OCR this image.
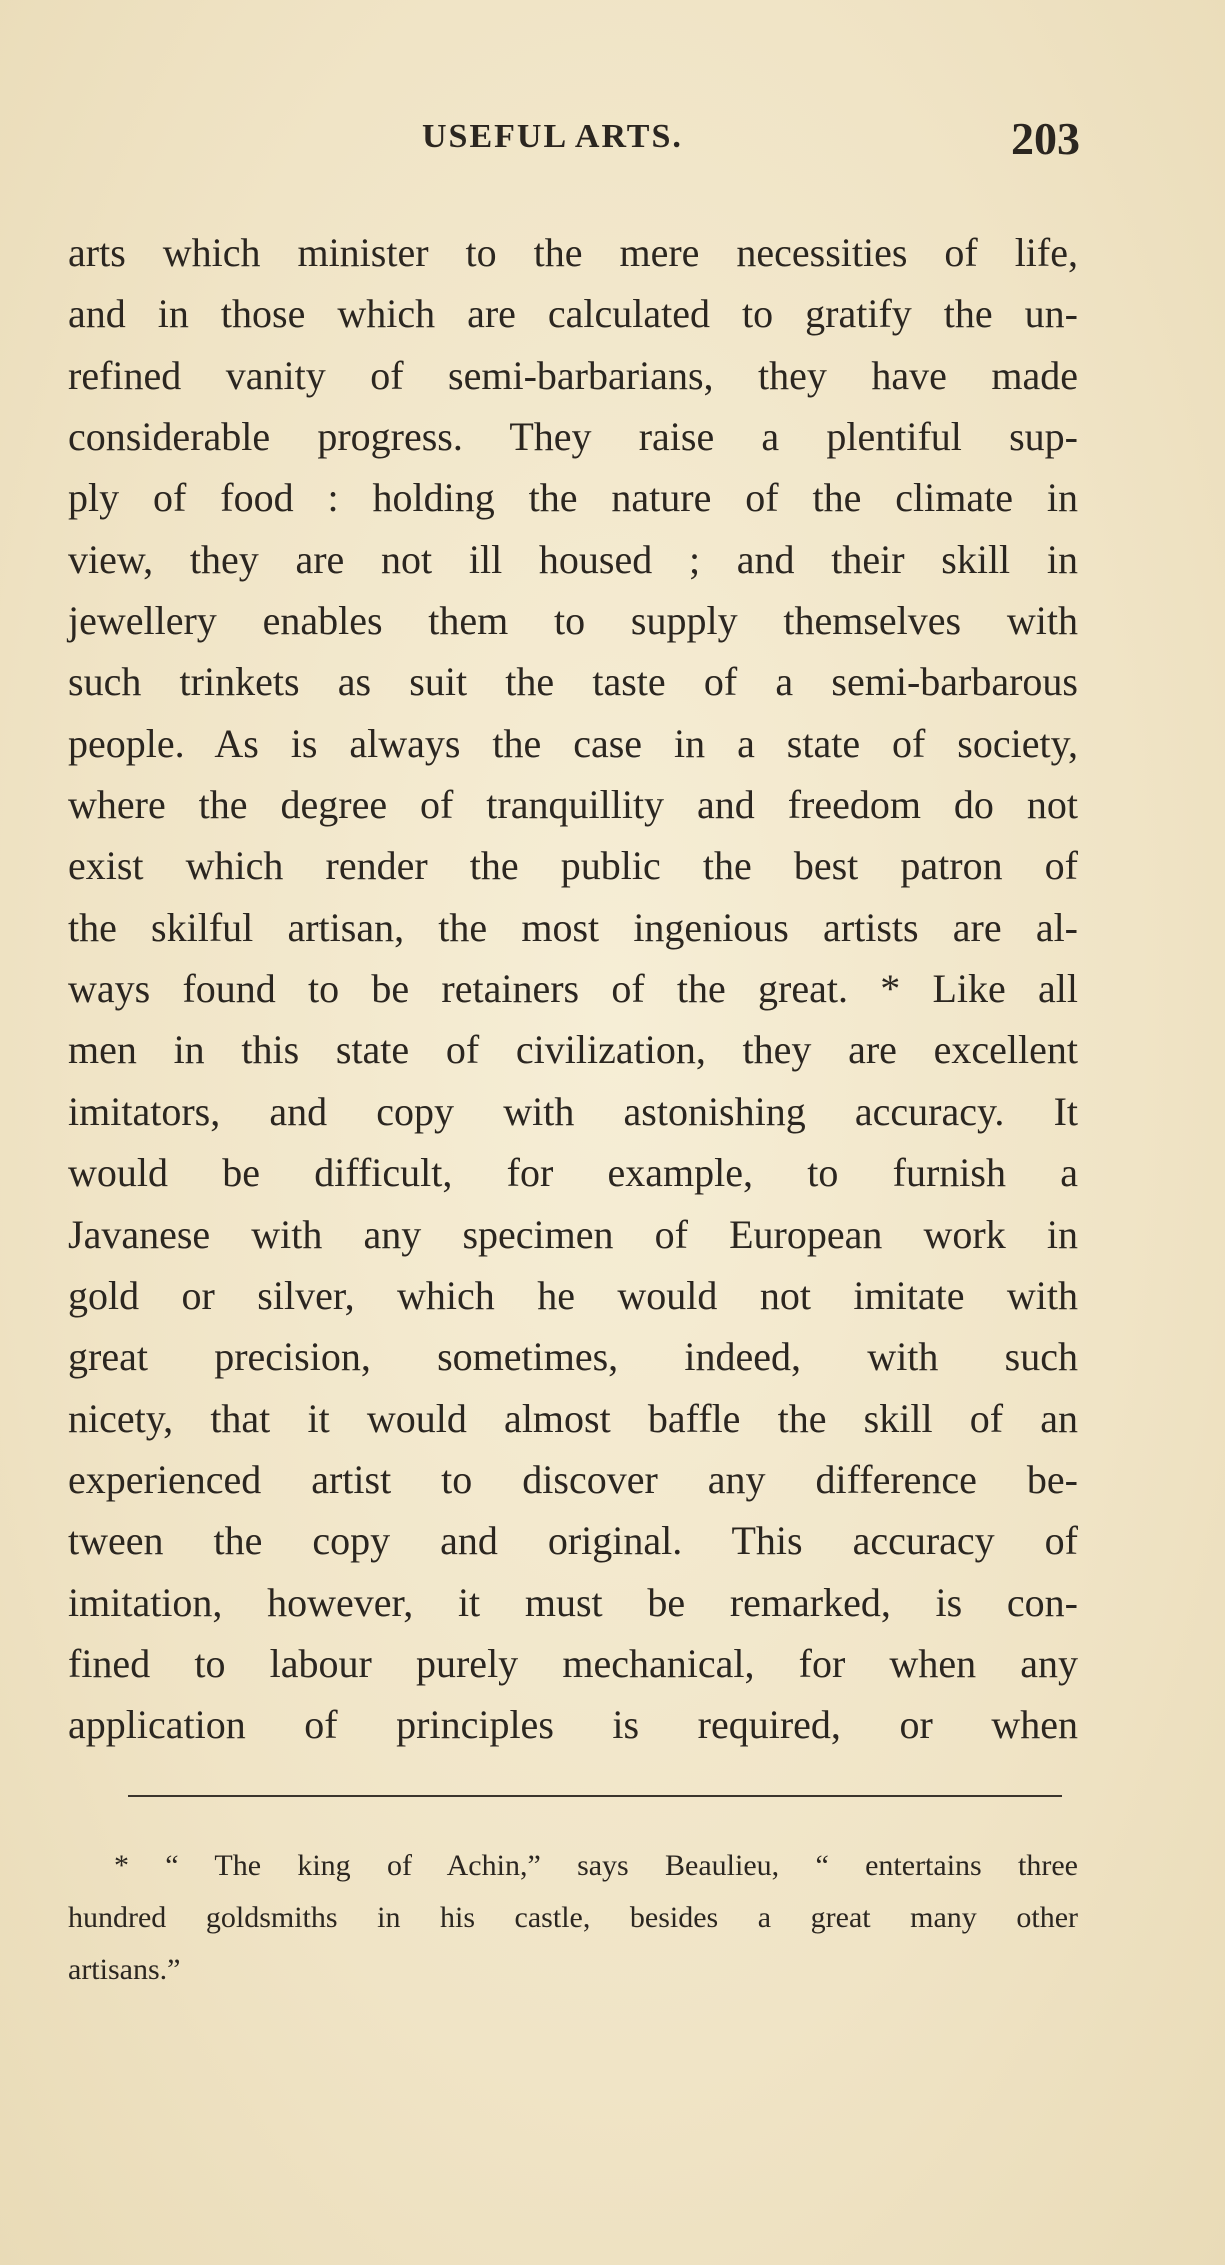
USEFUL ARTS.	203
arts which minister to the mere necessities of life,
and in those which are calculated to gratify the un-
refined vanity of semi-barbarians, they have made
considerable progress. They raise a plentiful sup-
ply of food : holding the nature of the climate in
view, they are not ill housed ; and their skill in
jewellery enables them to supply themselves with
such trinkets as suit the taste of a semi-barbarous
people. As is always the case in a state of society,
where the degree of tranquillity and freedom do not
exist which render the public the best patron of
the skilful artisan, the most ingenious artists are al-
ways found to be retainers of the great. * Like all
men in this state of civilization, they are excellent
imitators, and copy with astonishing accuracy. It
would be difficult, for example, to furnish a
Javanese with any specimen of European work in
gold or silver, which he would not imitate with
great precision, sometimes, indeed, with such
nicety, that it would almost baffle the skill of an
experienced artist to discover any difference be-
tween the copy and original. This accuracy of
imitation, however, it must be remarked, is con-
fined to labour purely mechanical, for when any
application of principles is required, or when
* “ The king of Achin,” says Beaulieu, “ entertains three
hundred goldsmiths in his castle, besides a great many other
artisans.”
